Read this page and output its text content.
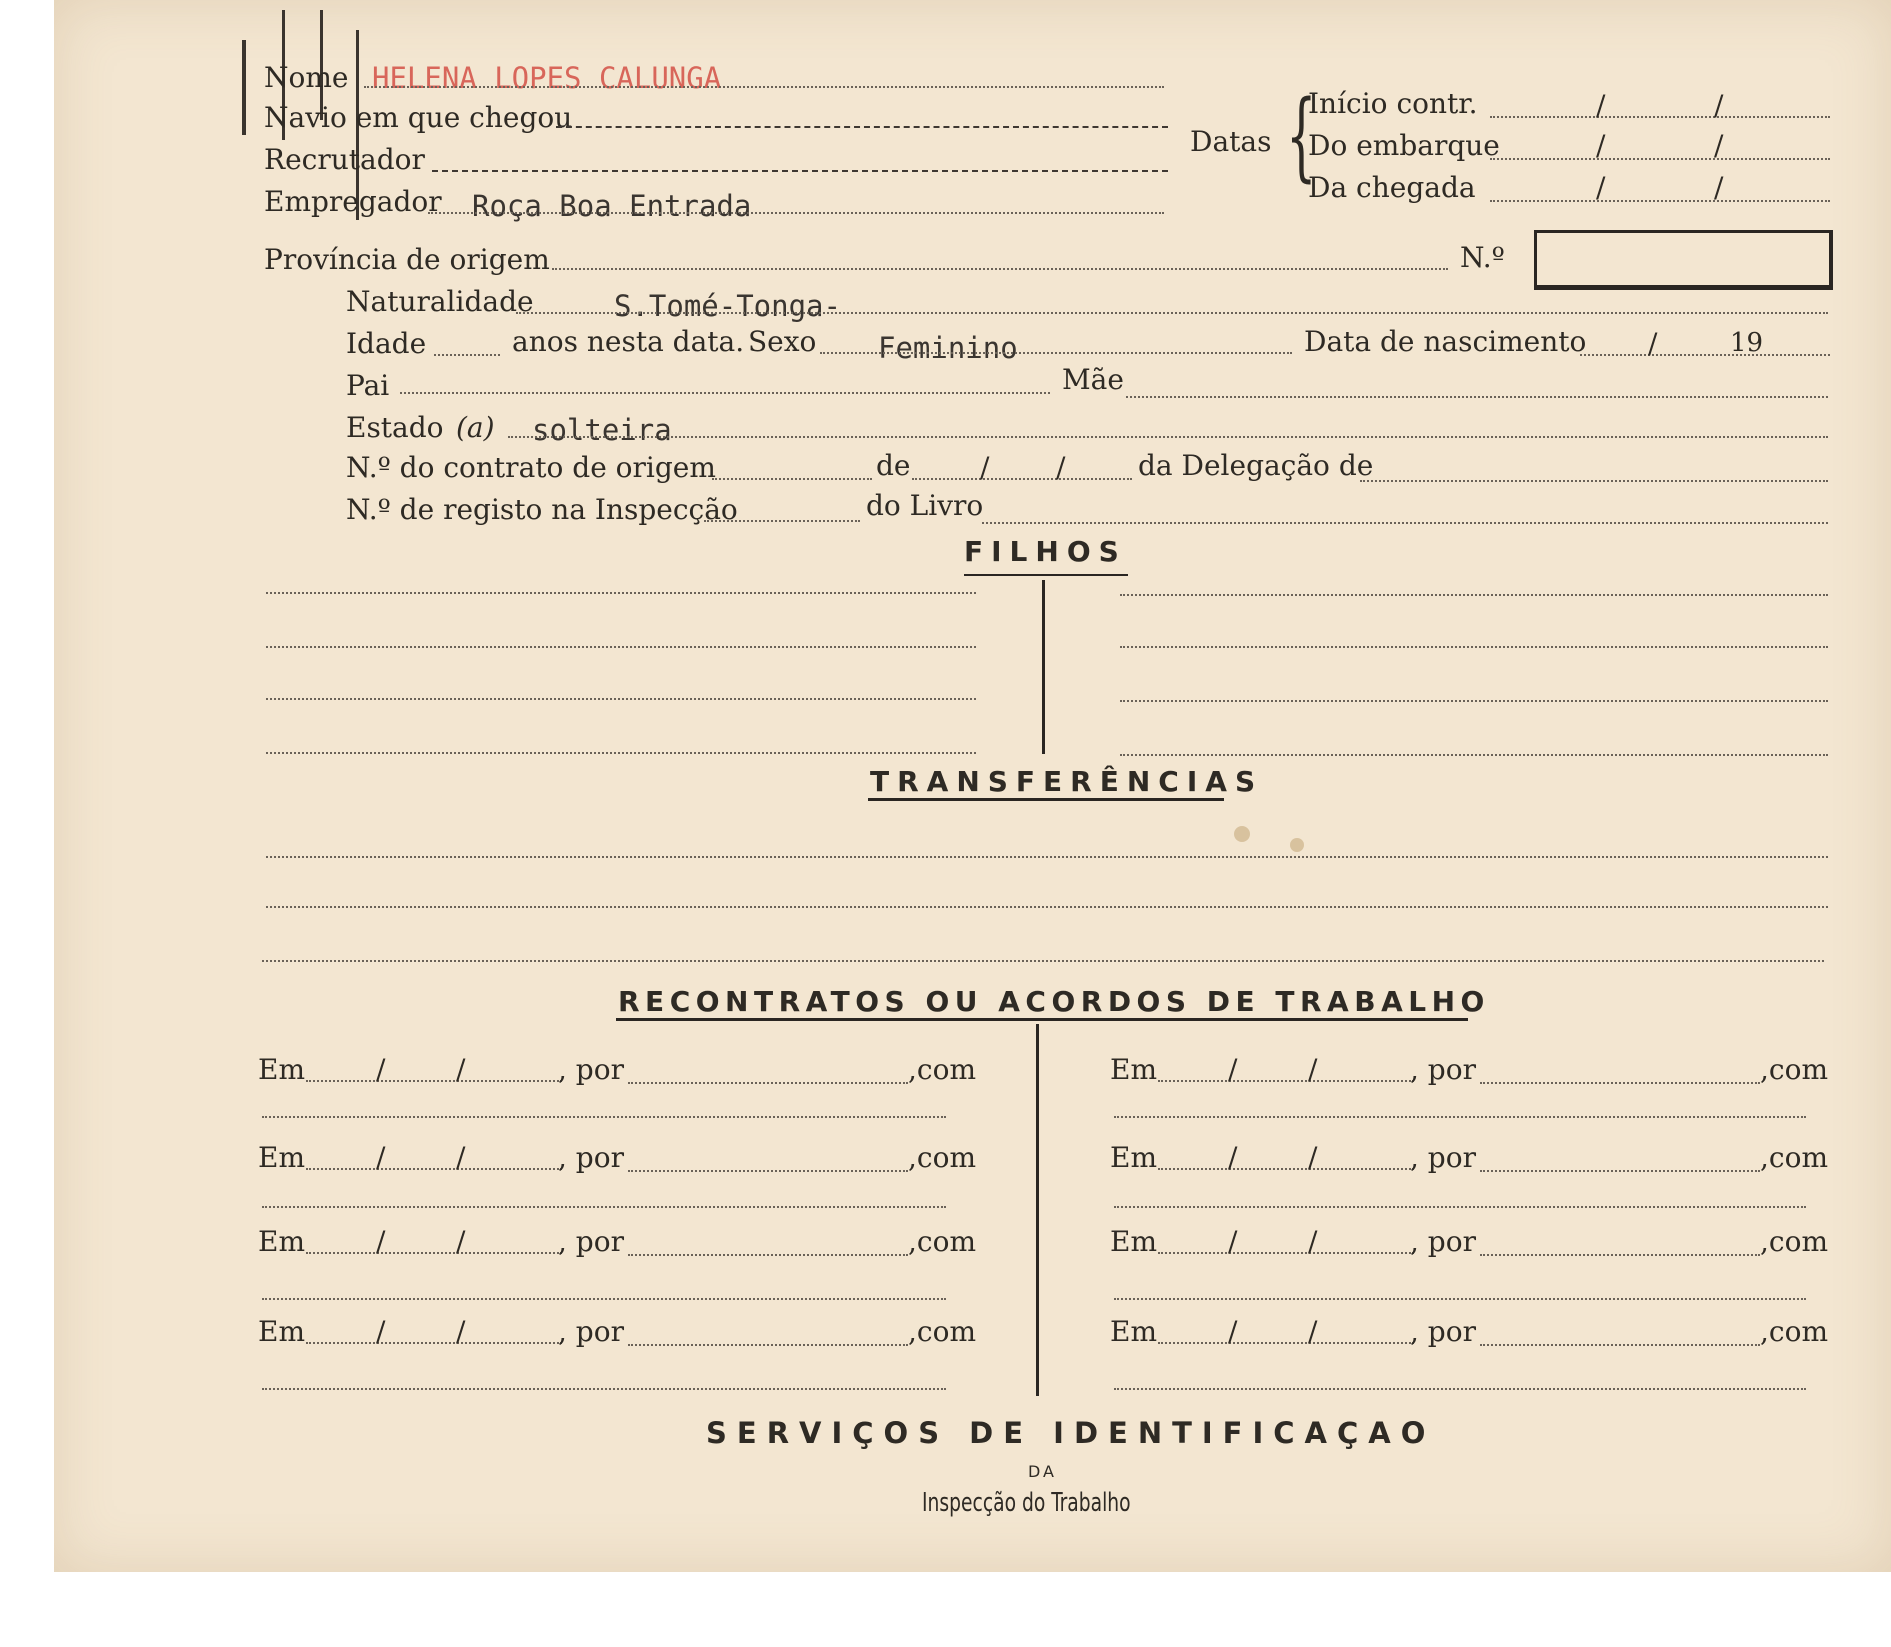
Nome HELENA LOPES CALUNGA
Navio em que chegou
Recrutador
Empregador Roça Boa Entrada
Datas {
Início contr.	/	/
Do embarque	/	/
Da chegada	/	/
Província de origem	N.º
Naturalidade	S.Tomé-Tonga-
Idade	anos nesta data. Sexo Feminino	Data de nascimento /	19
Pai	Mãe
Estado (a) solteira
N.º do contrato de origem	de / /	da Delegação de
N.º de registo na Inspecção	do Livro
FILHOS
TRANSFERÊNCIAS
RECONTRATOS OU ACORDOS DE TRABALHO
Em	/	/	, por	,com
Em	/	/	, por	,com
Em	/	/	, por	,com
Em	/	/	, por	,com
Em	/	/	, por	,com
Em	/	/	, por	,com
Em	/	/	, por	,com
Em	/	/	, por	,com
SERVIÇOS DE IDENTIFICAÇAO
DA
Inspecção do Trabalho
